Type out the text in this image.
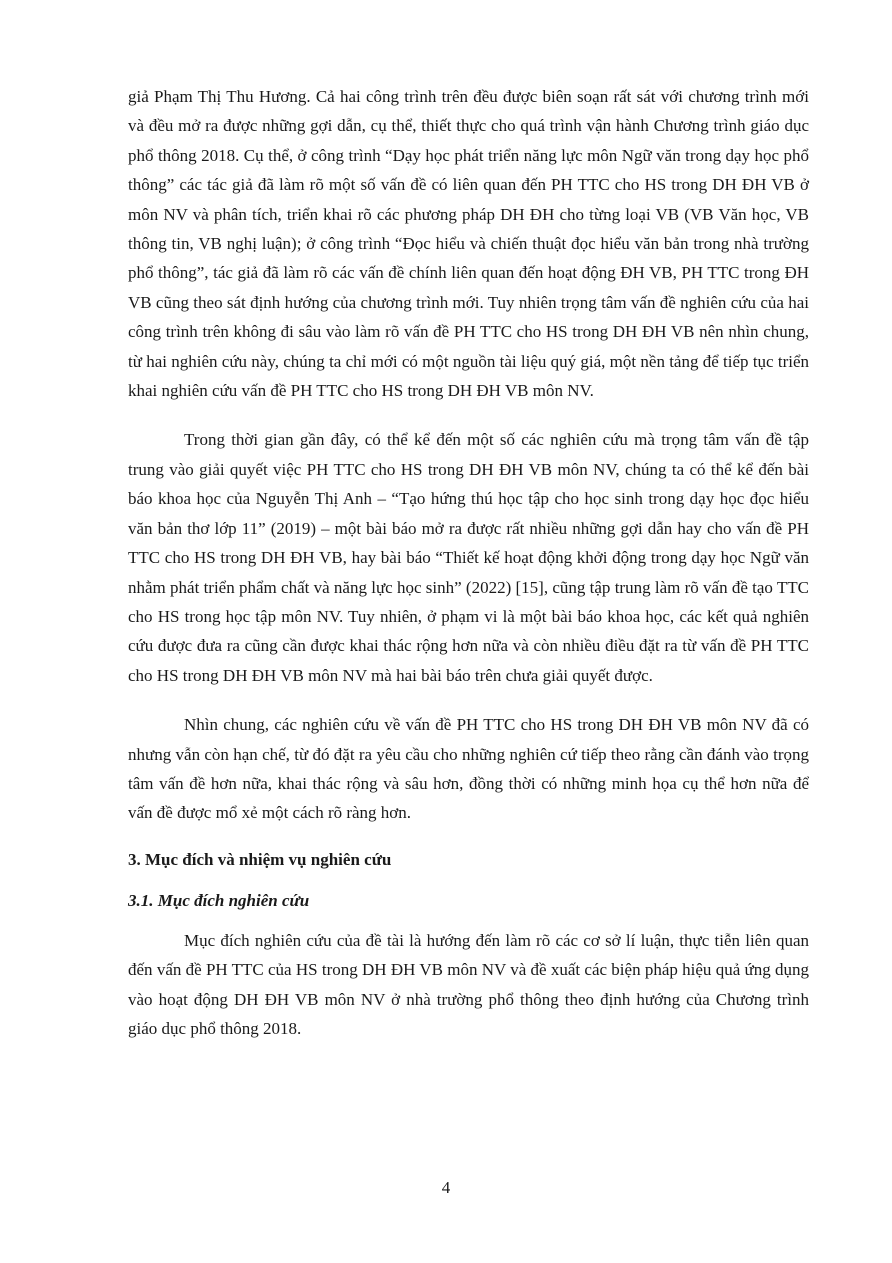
giả Phạm Thị Thu Hương. Cả hai công trình trên đều được biên soạn rất sát với chương trình mới và đều mở ra được những gợi dẫn, cụ thể, thiết thực cho quá trình vận hành Chương trình giáo dục phổ thông 2018. Cụ thể, ở công trình “Dạy học phát triển năng lực môn Ngữ văn trong dạy học phổ thông” các tác giả đã làm rõ một số vấn đề có liên quan đến PH TTC cho HS trong DH ĐH VB ở môn NV và phân tích, triển khai rõ các phương pháp DH ĐH cho từng loại VB (VB Văn học, VB thông tin, VB nghị luận); ở công trình “Đọc hiểu và chiến thuật đọc hiểu văn bản trong nhà trường phổ thông”, tác giả đã làm rõ các vấn đề chính liên quan đến hoạt động ĐH VB, PH TTC trong ĐH VB cũng theo sát định hướng của chương trình mới. Tuy nhiên trọng tâm vấn đề nghiên cứu của hai công trình trên không đi sâu vào làm rõ vấn đề PH TTC cho HS trong DH ĐH VB nên nhìn chung, từ hai nghiên cứu này, chúng ta chỉ mới có một nguồn tài liệu quý giá, một nền tảng để tiếp tục triển khai nghiên cứu vấn đề PH TTC cho HS trong DH ĐH VB môn NV.

Trong thời gian gần đây, có thể kể đến một số các nghiên cứu mà trọng tâm vấn đề tập trung vào giải quyết việc PH TTC cho HS trong DH ĐH VB môn NV, chúng ta có thể kể đến bài báo khoa học của Nguyễn Thị Anh – “Tạo hứng thú học tập cho học sinh trong dạy học đọc hiểu văn bản thơ lớp 11” (2019) – một bài báo mở ra được rất nhiều những gợi dẫn hay cho vấn đề PH TTC cho HS trong DH ĐH VB, hay bài báo “Thiết kế hoạt động khởi động trong dạy học Ngữ văn nhằm phát triển phẩm chất và năng lực học sinh” (2022) [15], cũng tập trung làm rõ vấn đề tạo TTC cho HS trong học tập môn NV. Tuy nhiên, ở phạm vi là một bài báo khoa học, các kết quả nghiên cứu được đưa ra cũng cần được khai thác rộng hơn nữa và còn nhiều điều đặt ra từ vấn đề PH TTC cho HS trong DH ĐH VB môn NV mà hai bài báo trên chưa giải quyết được.

Nhìn chung, các nghiên cứu về vấn đề PH TTC cho HS trong DH ĐH VB môn NV đã có nhưng vẫn còn hạn chế, từ đó đặt ra yêu cầu cho những nghiên cứ tiếp theo rằng cần đánh vào trọng tâm vấn đề hơn nữa, khai thác rộng và sâu hơn, đồng thời có những minh họa cụ thể hơn nữa để vấn đề được mổ xẻ một cách rõ ràng hơn.

3. Mục đích và nhiệm vụ nghiên cứu
3.1. Mục đích nghiên cứu

Mục đích nghiên cứu của đề tài là hướng đến làm rõ các cơ sở lí luận, thực tiễn liên quan đến vấn đề PH TTC của HS trong DH ĐH VB môn NV và đề xuất các biện pháp hiệu quả ứng dụng vào hoạt động DH ĐH VB môn NV ở nhà trường phổ thông theo định hướng của Chương trình giáo dục phổ thông 2018.

4
